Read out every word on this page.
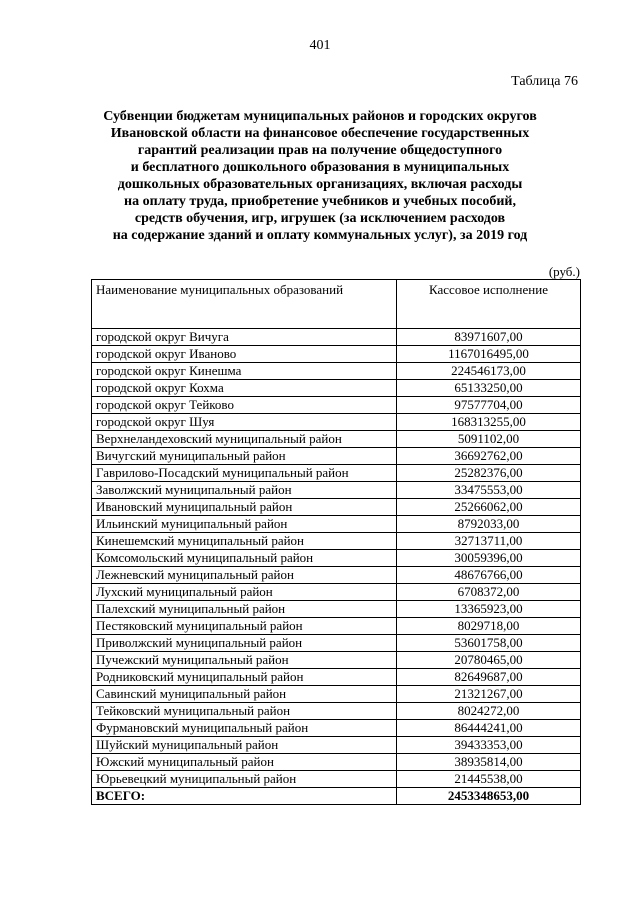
401
Таблица 76
Субвенции бюджетам муниципальных районов и городских округов
Ивановской области на финансовое обеспечение государственных
гарантий реализации прав на получение общедоступного
и бесплатного дошкольного образования в муниципальных
дошкольных образовательных организациях, включая расходы
на оплату труда, приобретение учебников и учебных пособий,
средств обучения, игр, игрушек (за исключением расходов
на содержание зданий и оплату коммунальных услуг), за 2019 год
(руб.)
Наименование муниципальных образований	Кассовое исполнение
городской округ Вичуга	83971607,00
городской округ Иваново	1167016495,00
городской округ Кинешма	224546173,00
городской округ Кохма	65133250,00
городской округ Тейково	97577704,00
городской округ Шуя	168313255,00
Верхнеландеховский муниципальный район	5091102,00
Вичугский муниципальный район	36692762,00
Гаврилово-Посадский муниципальный район	25282376,00
Заволжский муниципальный район	33475553,00
Ивановский муниципальный район	25266062,00
Ильинский муниципальный район	8792033,00
Кинешемский муниципальный район	32713711,00
Комсомольский муниципальный район	30059396,00
Лежневский муниципальный район	48676766,00
Лухский муниципальный район	6708372,00
Палехский муниципальный район	13365923,00
Пестяковский муниципальный район	8029718,00
Приволжский муниципальный район	53601758,00
Пучежский муниципальный район	20780465,00
Родниковский муниципальный район	82649687,00
Савинский муниципальный район	21321267,00
Тейковский муниципальный район	8024272,00
Фурмановский муниципальный район	86444241,00
Шуйский муниципальный район	39433353,00
Южский муниципальный район	38935814,00
Юрьевецкий муниципальный район	21445538,00
ВСЕГО:	2453348653,00
